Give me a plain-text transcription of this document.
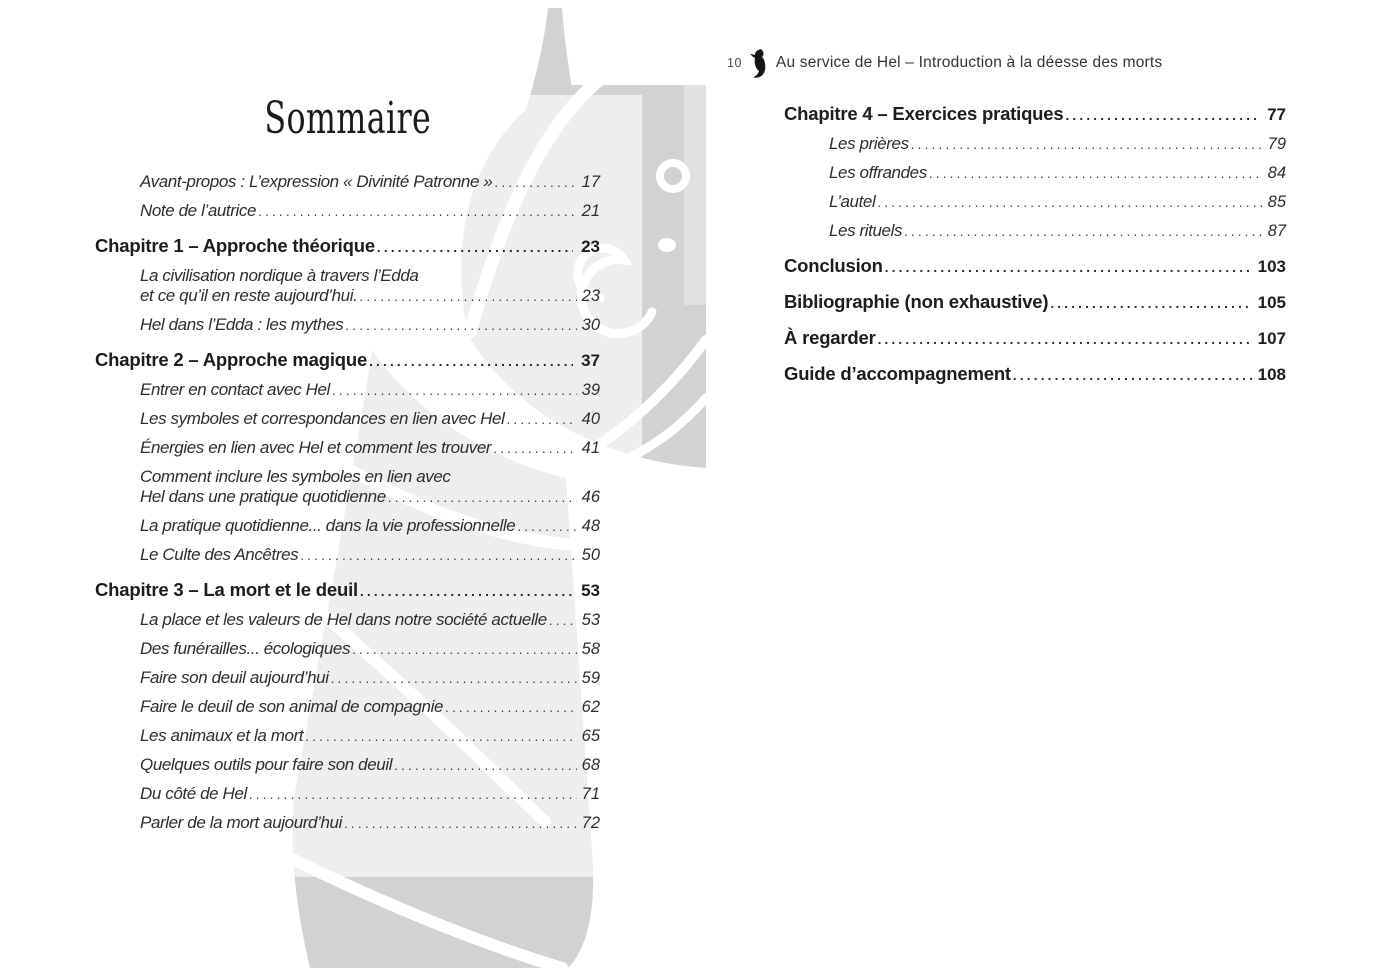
Sommaire
Avant-propos : L’expression « Divinité Patronne » .....	17
Note de l’autrice .....	21
Chapitre 1 – Approche théorique .....	23
La civilisation nordique à travers l’Edda
et ce qu’il en reste aujourd’hui. .....	23
Hel dans l’Edda : les mythes .....	30
Chapitre 2 – Approche magique .....	37
Entrer en contact avec Hel .....	39
Les symboles et correspondances en lien avec Hel .....	40
Énergies en lien avec Hel et comment les trouver .....	41
Comment inclure les symboles en lien avec
Hel dans une pratique quotidienne .....	46
La pratique quotidienne... dans la vie professionnelle .....	48
Le Culte des Ancêtres .....	50
Chapitre 3 – La mort et le deuil .....	53
La place et les valeurs de Hel dans notre société actuelle ..... 53
Des funérailles... écologiques .....	58
Faire son deuil aujourd’hui .....	59
Faire le deuil de son animal de compagnie .....	62
Les animaux et la mort .....	65
Quelques outils pour faire son deuil .....	68
Du côté de Hel .....	71
Parler de la mort aujourd’hui .....	72
10 Au service de Hel – Introduction à la déesse des morts
Chapitre 4 – Exercices pratiques .....	77
Les prières .....	79
Les offrandes .....	84
L’autel .....	85
Les rituels .....	87
Conclusion .....	103
Bibliographie (non exhaustive) .....	105
À regarder .....	107
Guide d’accompagnement .....	108
